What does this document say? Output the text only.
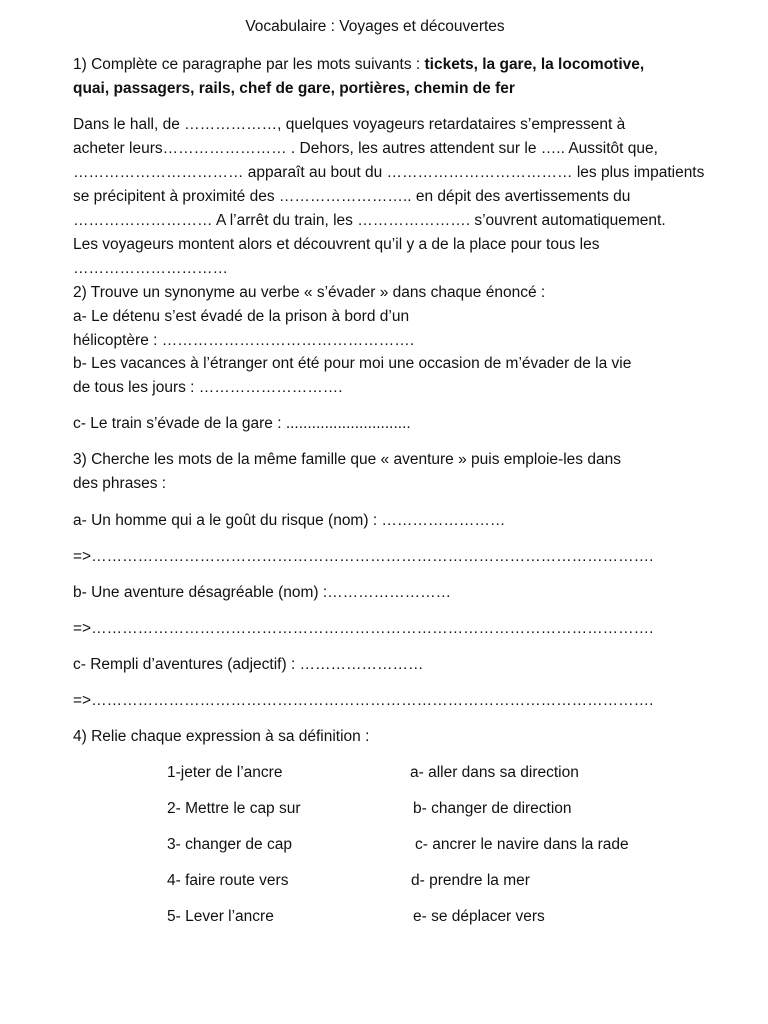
Vocabulaire : Voyages et découvertes
1) Complète ce paragraphe par les mots suivants : tickets, la gare, la locomotive,
quai, passagers, rails, chef de gare, portières, chemin de fer
Dans le hall, de ………………, quelques voyageurs retardataires s’empressent à
acheter leurs…………………… . Dehors, les autres attendent sur le ….. Aussitôt que,
…………………………… apparaît au bout du ……………………………… les plus impatients
se précipitent à proximité des …………………….. en dépit des avertissements du
……………………… A l’arrêt du train, les …………………. s’ouvrent automatiquement.
Les voyageurs montent alors et découvrent qu’il y a de la place pour tous les
…………………………
2) Trouve un synonyme au verbe « s’évader » dans chaque énoncé :
a- Le détenu s’est évadé de la prison à bord d’un
hélicoptère : ………………………………………….
b- Les vacances à l’étranger ont été pour moi une occasion de m’évader de la vie
de tous les jours : ……………………….
c- Le train s’évade de la gare : .............................
3) Cherche les mots de la même famille que « aventure » puis emploie-les dans
des phrases :
a- Un homme qui a le goût du risque (nom) : ……………………
=>……………………………………………………………………………………………….
b- Une aventure désagréable (nom) :……………………
=>……………………………………………………………………………………………….
c- Rempli d’aventures (adjectif) : ……………………
=>……………………………………………………………………………………………….
4) Relie chaque expression à sa définition :
1-jeter de l’ancre	a- aller dans sa direction
2- Mettre le cap sur	b- changer de direction
3- changer de cap	c- ancrer le navire dans la rade
4- faire route vers	d- prendre la mer
5- Lever l’ancre	e- se déplacer vers
